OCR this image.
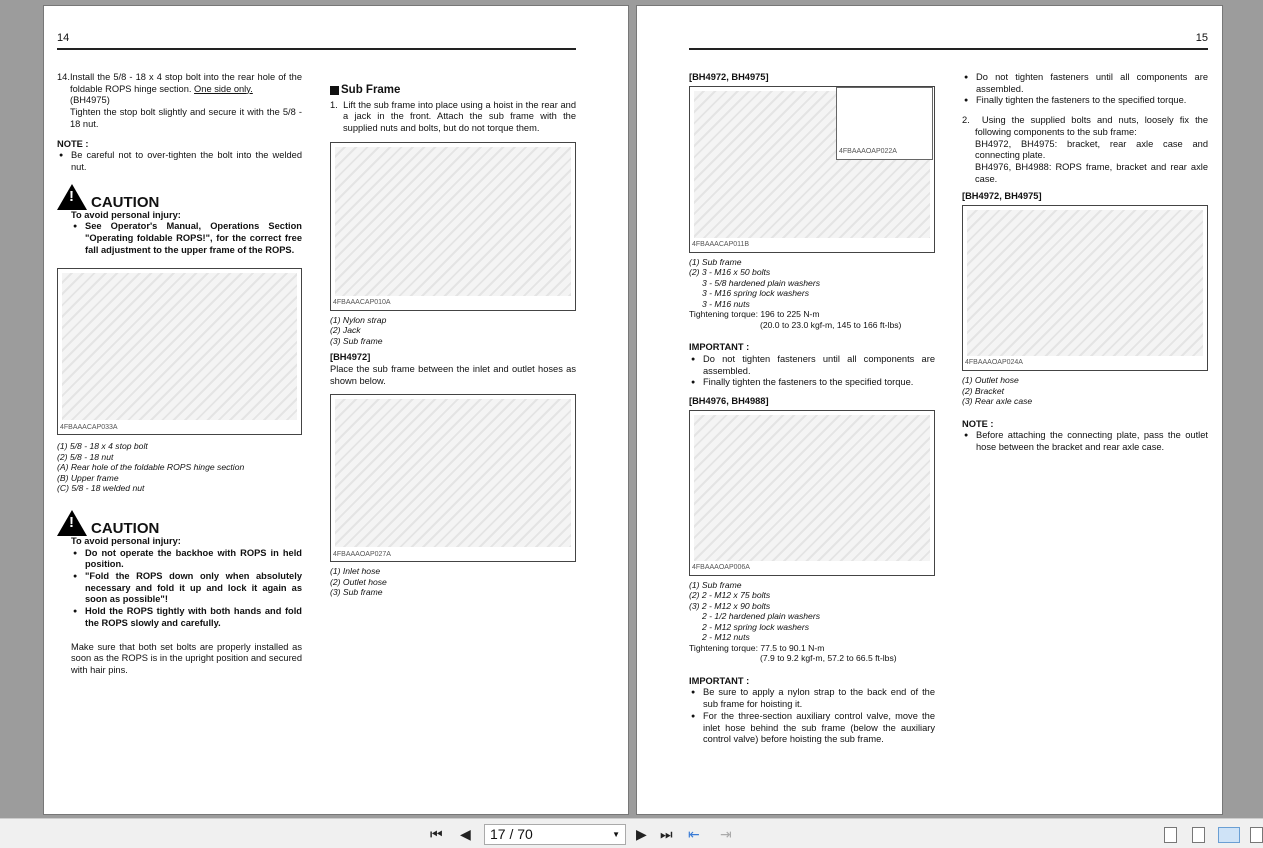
14

14.Install the 5/8 - 18 x 4 stop bolt into the rear hole of the foldable ROPS hinge section. One side only.
(BH4975)
Tighten the stop bolt slightly and secure it with the 5/8 - 18 nut.

NOTE :

● Be careful not to over-tighten the bolt into the welded nut.

! CAUTION

To avoid personal injury:

● See Operator's Manual, Operations Section "Operating foldable ROPS!", for the correct free fall adjustment to the upper frame of the ROPS.

4FBAAACAP033A

(1) 5/8 - 18 x 4 stop bolt

(2) 5/8 - 18 nut

(A) Rear hole of the foldable ROPS hinge section

(B) Upper frame

(C) 5/8 - 18 welded nut

! CAUTION

To avoid personal injury:

● Do not operate the backhoe with ROPS in held position.

● "Fold the ROPS down only when absolutely necessary and fold it up and lock it again as soon as possible"!

● Hold the ROPS tightly with both hands and fold the ROPS slowly and carefully.

Make sure that both set bolts are properly installed as soon as the ROPS is in the upright position and secured with hair pins.

Sub Frame

1. Lift the sub frame into place using a hoist in the rear and a jack in the front. Attach the sub frame with the supplied nuts and bolts, but do not torque them.

4FBAAACAP010A

(1) Nylon strap

(2) Jack

(3) Sub frame

[BH4972]

Place the sub frame between the inlet and outlet hoses as shown below.

4FBAAAOAP027A

(1) Inlet hose

(2) Outlet hose

(3) Sub frame

15

[BH4972, BH4975]

4FBAAAOAP022A
4FBAAACAP011B

(1) Sub frame

(2) 3 - M16 x 50 bolts

3 - 5/8 hardened plain washers

3 - M16 spring lock washers

3 - M16 nuts

Tightening torque: 196 to 225 N-m

(20.0 to 23.0 kgf-m, 145 to 166 ft-lbs)

IMPORTANT :

● Do not tighten fasteners until all components are assembled.

● Finally tighten the fasteners to the specified torque.

[BH4976, BH4988]

4FBAAAOAP006A

(1) Sub frame

(2) 2 - M12 x 75 bolts

(3) 2 - M12 x 90 bolts

2 - 1/2 hardened plain washers

2 - M12 spring lock washers

2 - M12 nuts

Tightening torque: 77.5 to 90.1 N-m

(7.9 to 9.2 kgf-m, 57.2 to 66.5 ft-lbs)

IMPORTANT :

● Be sure to apply a nylon strap to the back end of the sub frame for hoisting it.

● For the three-section auxiliary control valve, move the inlet hose behind the sub frame (below the auxiliary control valve) before hoisting the sub frame.

● Do not tighten fasteners until all components are assembled.

● Finally tighten the fasteners to the specified torque.

2. Using the supplied bolts and nuts, loosely fix the following components to the sub frame:
BH4972, BH4975: bracket, rear axle case and connecting plate.
BH4976, BH4988: ROPS frame, bracket and rear axle case.

[BH4972, BH4975]

4FBAAAOAP024A

(1) Outlet hose

(2) Bracket

(3) Rear axle case

NOTE :

● Before attaching the connecting plate, pass the outlet hose between the bracket and rear axle case.

⏮ ◀	17 / 70	▼ ▶ ⏭ ⇤ ⇥
